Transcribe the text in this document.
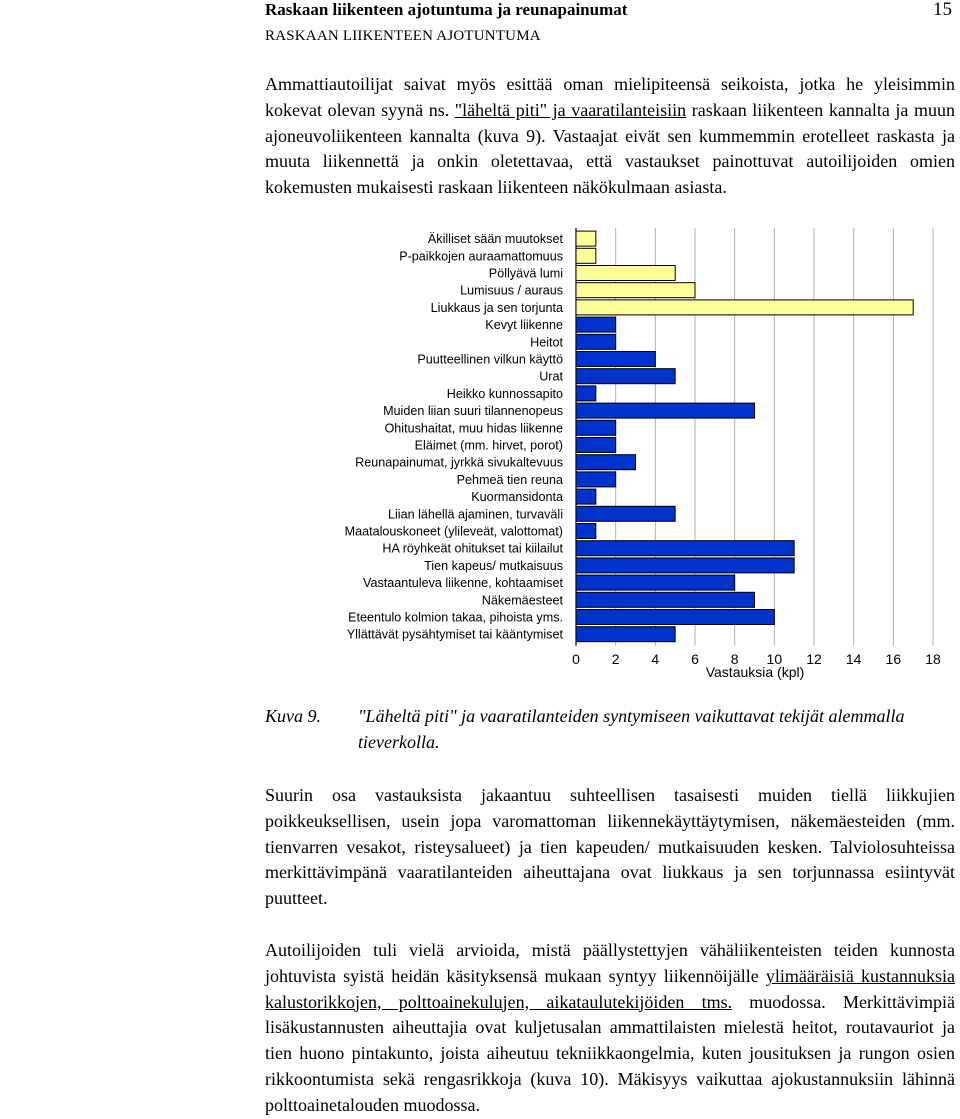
Raskaan liikenteen ajotuntuma ja reunapainumat	15
RASKAAN LIIKENTEEN AJOTUNTUMA

Ammattiautoilijat saivat myös esittää oman mielipiteensä seikoista, jotka he yleisimmin kokevat olevan syynä ns. "läheltä piti" ja vaaratilanteisiin raskaan liikenteen kannalta ja muun ajoneuvoliikenteen kannalta (kuva 9). Vastaajat eivät sen kummemmin erotelleet raskasta ja muuta liikennettä ja onkin oletettavaa, että vastaukset painottuvat autoilijoiden omien kokemusten mukaisesti raskaan liikenteen näkökulmaan asiasta.

Äkilliset sään muutokset
P-paikkojen auraamattomuus
Pöllyävä lumi
Lumisuus / auraus
Liukkaus ja sen torjunta
Kevyt liikenne
Heitot
Puutteellinen vilkun käyttö
Urat
Heikko kunnossapito
Muiden liian suuri tilannenopeus
Ohitushaitat, muu hidas liikenne
Eläimet (mm. hirvet, porot)
Reunapainumat, jyrkkä sivukaltevuus
Pehmeä tien reuna
Kuormansidonta
Liian lähellä ajaminen, turvaväli
Maatalouskoneet (ylileveät, valottomat)
HA röyhkeät ohitukset tai kiilailut
Tien kapeus/ mutkaisuus
Vastaantuleva liikenne, kohtaamiset
Näkemäesteet
Eteentulo kolmion takaa, pihoista yms.
Yllättävät pysähtymiset tai kääntymiset
0 2 4 6 8 10 12 14 16 18
Vastauksia (kpl)
Kuva 9. "Läheltä piti" ja vaaratilanteiden syntymiseen vaikuttavat tekijät alemmalla tieverkolla.

Suurin osa vastauksista jakaantuu suhteellisen tasaisesti muiden tiellä liikkujien poikkeuksellisen, usein jopa varomattoman liikennekäyttäytymisen, näkemäesteiden (mm. tienvarren vesakot, risteysalueet) ja tien kapeuden/ mutkaisuuden kesken. Talviolosuhteissa merkittävimpänä vaaratilanteiden aiheuttajana ovat liukkaus ja sen torjunnassa esiintyvät puutteet.

Autoilijoiden tuli vielä arvioida, mistä päällystettyjen vähäliikenteisten teiden kunnosta johtuvista syistä heidän käsityksensä mukaan syntyy liikennöijälle ylimääräisiä kustannuksia kalustorikkojen, polttoainekulujen, aikataulutekijöiden tms. muodossa. Merkittävimpiä lisäkustannusten aiheuttajia ovat kuljetusalan ammattilaisten mielestä heitot, routavauriot ja tien huono pintakunto, joista aiheutuu tekniikkaongelmia, kuten jousituksen ja rungon osien rikkoontumista sekä rengasrikkoja (kuva 10). Mäkisyys vaikuttaa ajokustannuksiin lähinnä polttoainetalouden muodossa.
